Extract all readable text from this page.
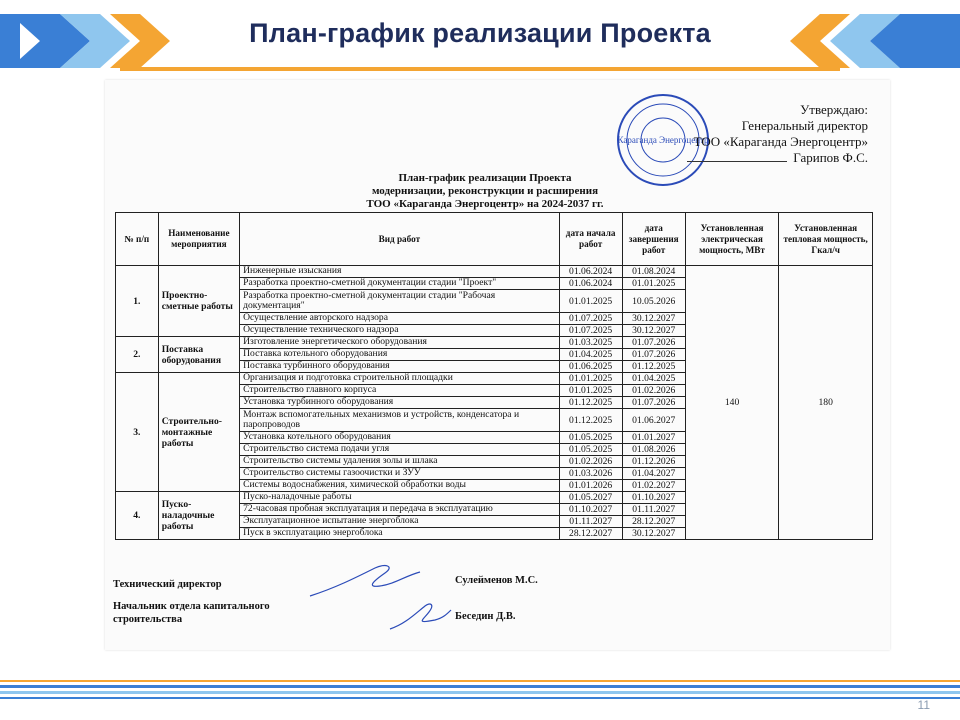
План-график реализации Проекта
Караганда Энергоцентр
Утверждаю:
Генеральный директор
ТОО «Караганда Энергоцентр»
Гарипов Ф.С.
План-график реализации Проекта
модернизации, реконструкции и расширения
ТОО «Караганда Энергоцентр» на 2024-2037 гг.
№ п/п	Наименование мероприятия	Вид работ	дата начала работ	дата завершения работ	Установленная электрическая мощность, МВт	Установленная тепловая мощность, Гкал/ч
1.	Проектно-сметные работы	Инженерные изыскания	01.06.2024	01.08.2024	140	180
		Разработка проектно-сметной документации стадии "Проект"	01.06.2024	01.01.2025		
		Разработка проектно-сметной документации стадии "Рабочая документация"	01.01.2025	10.05.2026		
		Осуществление авторского надзора	01.07.2025	30.12.2027		
		Осуществление технического надзора	01.07.2025	30.12.2027		
2.	Поставка оборудования	Изготовление энергетического оборудования	01.03.2025	01.07.2026		
		Поставка котельного оборудования	01.04.2025	01.07.2026		
		Поставка турбинного оборудования	01.06.2025	01.12.2025		
3.	Строительно-монтажные работы	Организация и подготовка строительной площадки	01.01.2025	01.04.2025		
		Строительство главного корпуса	01.01.2025	01.02.2026		
		Установка турбинного оборудования	01.12.2025	01.07.2026		
		Монтаж вспомогательных механизмов и устройств, конденсатора и паропроводов	01.12.2025	01.06.2027		
		Установка котельного оборудования	01.05.2025	01.01.2027		
		Строительство система подачи угля	01.05.2025	01.08.2026		
		Строительство системы удаления золы и шлака	01.02.2026	01.12.2026		
		Строительство системы газоочистки и ЗУУ	01.03.2026	01.04.2027		
		Системы водоснабжения, химической обработки воды	01.01.2026	01.02.2027		
4.	Пуско-наладочные работы	Пуско-наладочные работы	01.05.2027	01.10.2027		
		72-часовая пробная эксплуатация и передача в эксплуатацию	01.10.2027	01.11.2027		
		Эксплуатационное испытание энергоблока	01.11.2027	28.12.2027		
		Пуск в эксплуатацию энергоблока	28.12.2027	30.12.2027		
Технический директор	Сулейменов М.С.
Начальник отдела капитального строительства	Беседин Д.В.
11
